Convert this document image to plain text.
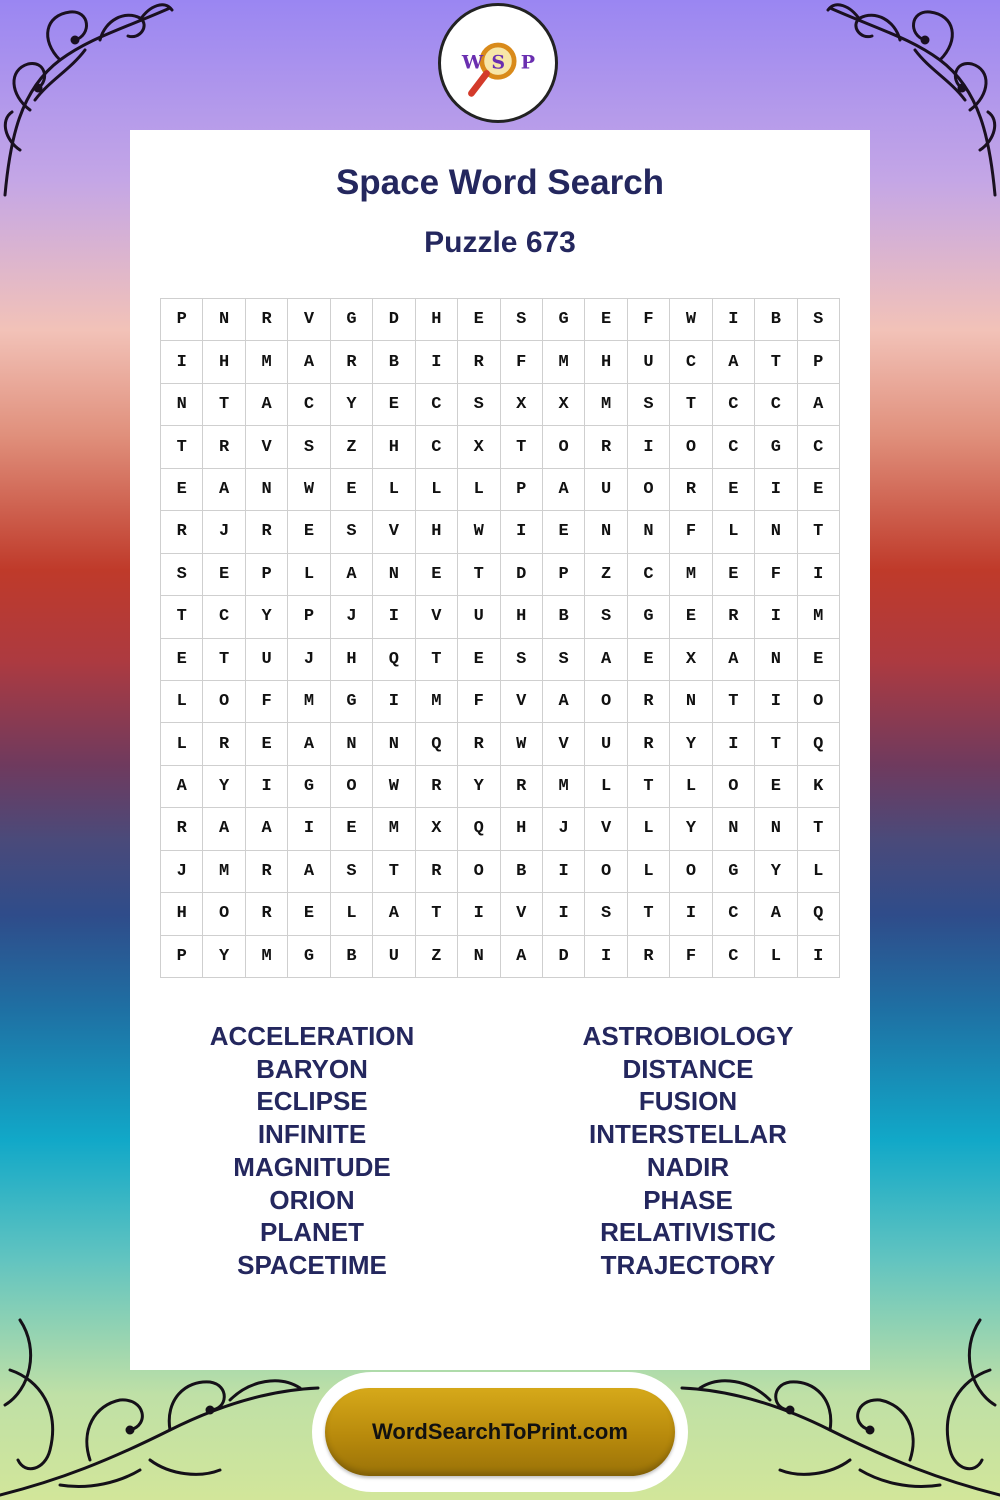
W S P
Space Word Search
Puzzle 673
P	N	R	V	G	D	H	E	S	G	E	F	W	I	B	S
I	H	M	A	R	B	I	R	F	M	H	U	C	A	T	P
N	T	A	C	Y	E	C	S	X	X	M	S	T	C	C	A
T	R	V	S	Z	H	C	X	T	O	R	I	O	C	G	C
E	A	N	W	E	L	L	L	P	A	U	O	R	E	I	E
R	J	R	E	S	V	H	W	I	E	N	N	F	L	N	T
S	E	P	L	A	N	E	T	D	P	Z	C	M	E	F	I
T	C	Y	P	J	I	V	U	H	B	S	G	E	R	I	M
E	T	U	J	H	Q	T	E	S	S	A	E	X	A	N	E
L	O	F	M	G	I	M	F	V	A	O	R	N	T	I	O
L	R	E	A	N	N	Q	R	W	V	U	R	Y	I	T	Q
A	Y	I	G	O	W	R	Y	R	M	L	T	L	O	E	K
R	A	A	I	E	M	X	Q	H	J	V	L	Y	N	N	T
J	M	R	A	S	T	R	O	B	I	O	L	O	G	Y	L
H	O	R	E	L	A	T	I	V	I	S	T	I	C	A	Q
P	Y	M	G	B	U	Z	N	A	D	I	R	F	C	L	I
ACCELERATION
BARYON
ECLIPSE
INFINITE
MAGNITUDE
ORION
PLANET
SPACETIME
ASTROBIOLOGY
DISTANCE
FUSION
INTERSTELLAR
NADIR
PHASE
RELATIVISTIC
TRAJECTORY
WordSearchToPrint.com
